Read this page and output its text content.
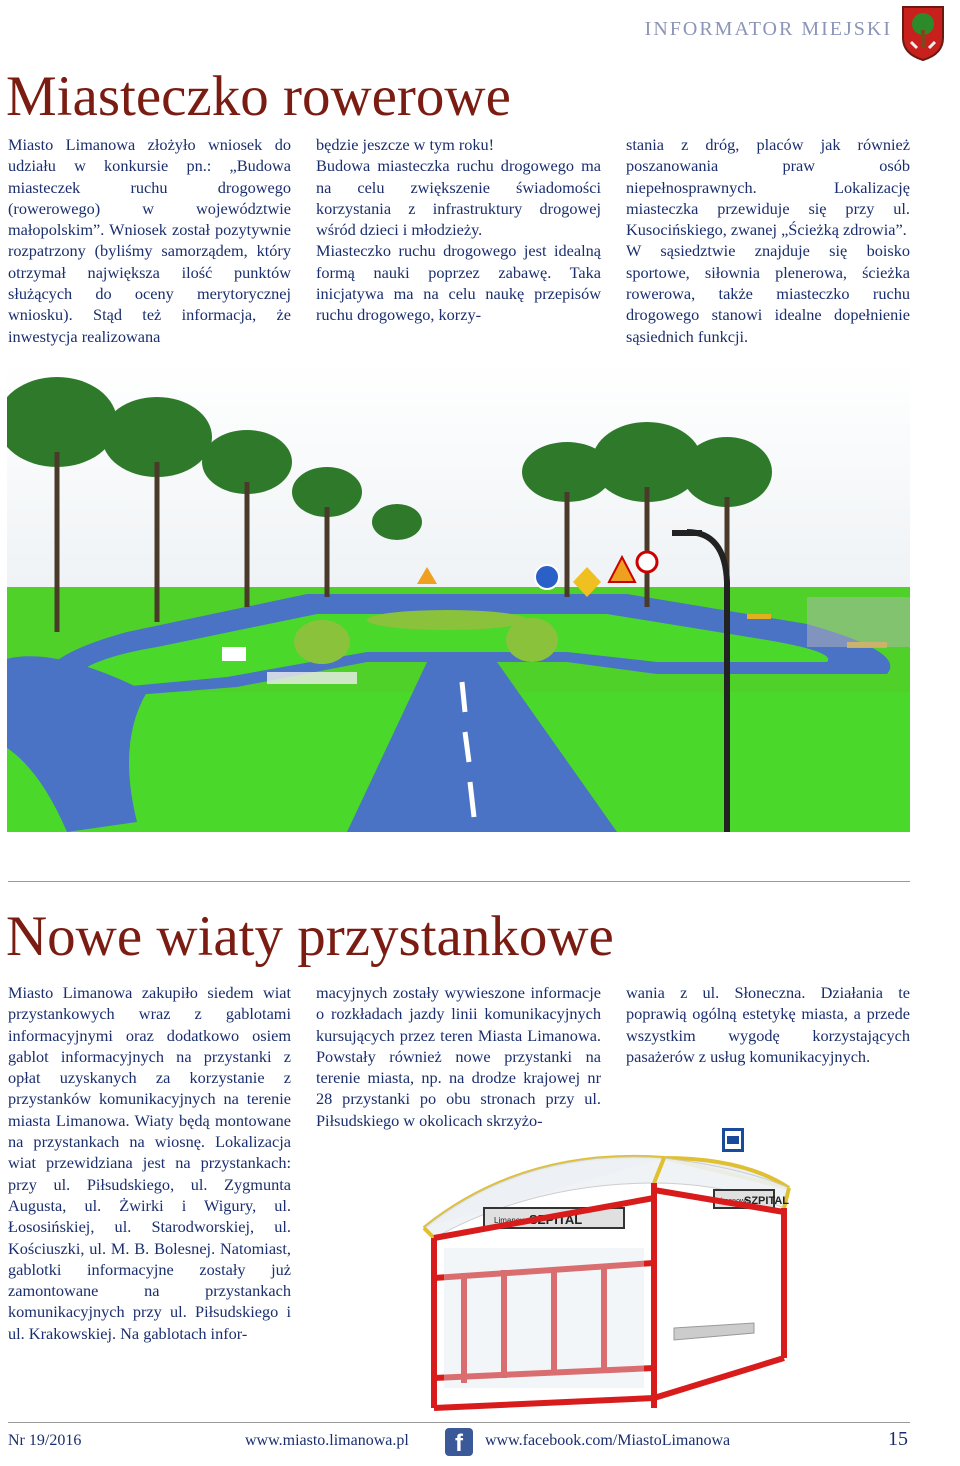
INFORMATOR MIEJSKI
Miasteczko rowerowe

Miasto Limanowa złożyło wniosek do udziału w konkursie pn.: „Budowa miasteczek ruchu drogowego (rowerowego) w województwie małopolskim”. Wniosek został pozytywnie rozpatrzony (byliśmy samorządem, który otrzymał największa ilość punktów służących do oceny merytorycznej wniosku). Stąd też informacja, że inwestycja realizowana

będzie jeszcze w tym roku!

Budowa miasteczka ruchu drogowego ma na celu zwiększenie świadomości korzystania z infrastruktury drogowej wśród dzieci i młodzieży.

Miasteczko ruchu drogowego jest idealną formą nauki poprzez zabawę. Taka inicjatywa ma na celu naukę przepisów ruchu drogowego, korzy-

stania z dróg, placów jak również poszanowania praw osób niepełnosprawnych. Lokalizację miasteczka przewiduje się przy ul. Kusocińskiego, zwanej „Ścieżką zdrowia”.

W sąsiedztwie znajduje się boisko sportowe, siłownia plenerowa, ścieżka rowerowa, także miasteczko ruchu drogowego stanowi idealne dopełnienie sąsiednich funkcji.

Nowe wiaty przystankowe

Miasto Limanowa zakupiło siedem wiat przystankowych wraz z gablotami informacyjnymi oraz dodatkowo osiem gablot informacyjnych na przystanki z opłat uzyskanych za korzystanie z przystanków komunikacyjnych na terenie miasta Limanowa. Wiaty będą montowane na przystankach na wiosnę. Lokalizacja wiat przewidziana jest na przystankach: przy ul. Piłsudskiego, ul. Zygmunta Augusta, ul. Żwirki i Wigury, ul. Łososińskiej, ul. Starodworskiej, ul. Kościuszki, ul. M. B. Bolesnej. Natomiast, gablotki informacyjne zostały już zamontowane na przystankach komunikacyjnych przy ul. Piłsudskiego i ul. Krakowskiej. Na gablotach infor-

macyjnych zostały wywieszone informacje o rozkładach jazdy linii komunikacyjnych kursujących przez teren Miasta Limanowa. Powstały również nowe przystanki na terenie miasta, np. na drodze krajowej nr 28 przystanki po obu stronach przy ul. Piłsudskiego w okolicach skrzyżo-

wania z ul. Słoneczna. Działania te poprawią ogólną estetykę miasta, a przede wszystkim wygodę korzystających pasażerów z usług komunikacyjnych.

Limanowa
SZPITAL
Limanowa
SZPITAL
Nr 19/2016	www.miasto.limanowa.pl	f	www.facebook.com/MiastoLimanowa	15
